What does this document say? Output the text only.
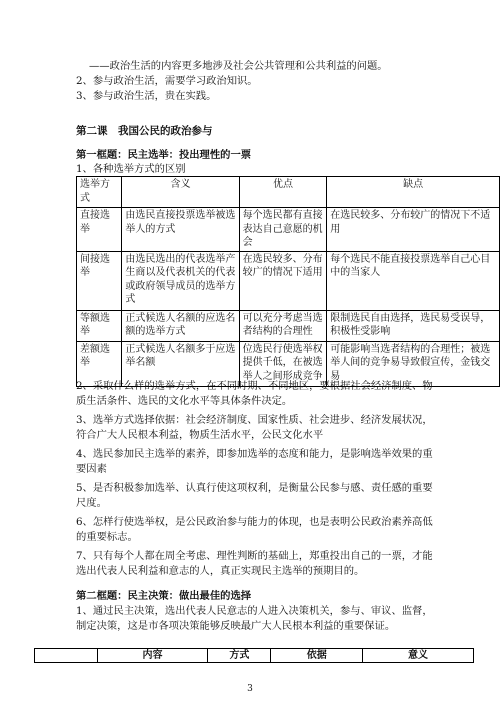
——政治生活的内容更多地涉及社会公共管理和公共利益的问题。
2、参与政治生活，需要学习政治知识。
3、参与政治生活，贵在实践。
第二课　我国公民的政治参与
第一框题：民主选举：投出理性的一票
1、各种选举方式的区别
选举方式	含义	优点	缺点
直接选举	由选民直接投票选举被选举人的方式	每个选民都有直接表达自己意愿的机会	在选民较多、分布较广的情况下不适用
间接选举	由选民选出的代表选举产生商以及代表机关的代表或政府领导成员的选举方式	在选民较多、分布较广的情况下适用	每个选民不能直接投票选举自己心目中的当家人
等额选举	正式候选人名额的应选名额的选举方式	可以充分考虑当选者结构的合理性	限制选民自由选择，选民易受误导，积极性受影响
差额选举	正式候选人名额多于应选举名额	位选民行使选举权提供千低，在被选举人之间形成竞争	可能影响当选者结构的合理性；被选举人间的竞争易导致假宣传，金钱交易
2、采取什么样的选举方式，在不同时期、不同地区，要根据社会经济制度、物
质生活条件、选民的文化水平等具体条件决定。
3、选举方式选择依据：社会经济制度、国家性质、社会进步、经济发展状况，
符合广大人民根本利益，物质生活水平，公民文化水平
4、选民参加民主选举的素养，即参加选举的态度和能力，是影响选举效果的重
要因素
5、是否积极参加选举、认真行使这项权利，是衡量公民参与感、责任感的重要
尺度。
6、怎样行使选举权，是公民政治参与能力的体现，也是表明公民政治素养高低
的重要标志。
7、只有每个人都在周全考虑、理性判断的基础上，郑重投出自己的一票，才能
选出代表人民利益和意志的人，真正实现民主选举的预期目的。
第二框题：民主决策：做出最佳的选择
1、通过民主决策，选出代表人民意志的人进入决策机关，参与、审议、监督，
制定决策，这是市各项决策能够反映最广大人民根本利益的重要保证。
	内容	方式	依据	意义
3
